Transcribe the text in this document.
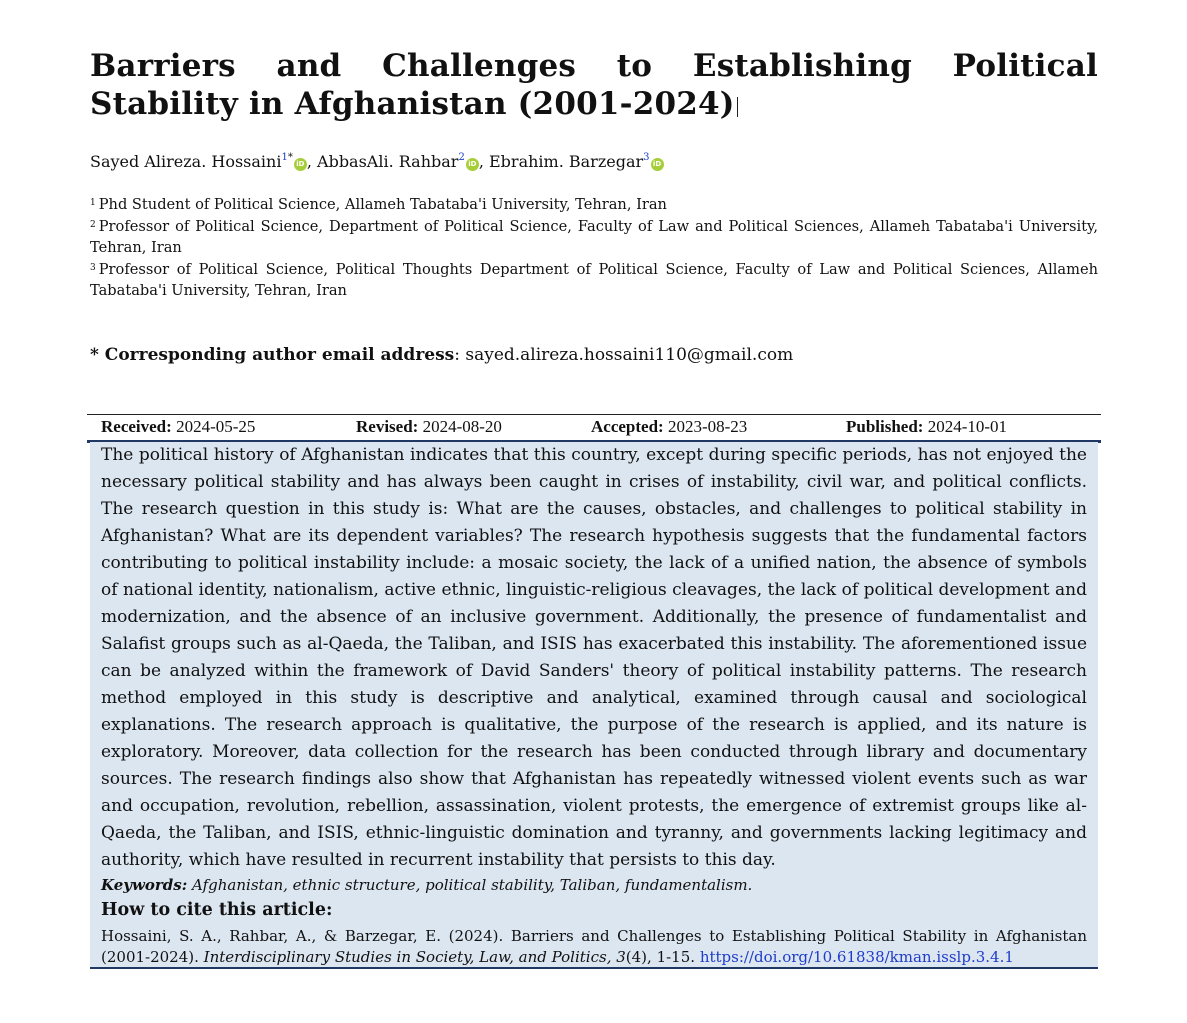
Barriers and Challenges to Establishing Political Stability in Afghanistan (2001-2024)
Sayed Alireza. Hossaini$^{1*}$iD , AbbasAli. Rahbar$^2$iD , Ebrahim. Barzegar$^3$iD
$^1$ Phd Student of Political Science, Allameh Tabataba'i University, Tehran, Iran
$^2$ Professor of Political Science, Department of Political Science, Faculty of Law and Political Sciences, Allameh Tabataba'i University, Tehran, Iran
$^3$ Professor of Political Science, Political Thoughts Department of Political Science, Faculty of Law and Political Sciences, Allameh Tabataba'i University, Tehran, Iran
* Corresponding author email address: sayed.alireza.hossaini110@gmail.com
Received: 2024-05-25	Revised: 2024-08-20	Accepted: 2023-08-23	Published: 2024-10-01

The political history of Afghanistan indicates that this country, except during specific periods, has not enjoyed the necessary political stability and has always been caught in crises of instability, civil war, and political conflicts. The research question in this study is: What are the causes, obstacles, and challenges to political stability in Afghanistan? What are its dependent variables? The research hypothesis suggests that the fundamental factors contributing to political instability include: a mosaic society, the lack of a unified nation, the absence of symbols of national identity, nationalism, active ethnic, linguistic-religious cleavages, the lack of political development and modernization, and the absence of an inclusive government. Additionally, the presence of fundamentalist and Salafist groups such as al-Qaeda, the Taliban, and ISIS has exacerbated this instability. The aforementioned issue can be analyzed within the framework of David Sanders' theory of political instability patterns. The research method employed in this study is descriptive and analytical, examined through causal and sociological explanations. The research approach is qualitative, the purpose of the research is applied, and its nature is exploratory. Moreover, data collection for the research has been conducted through library and documentary sources. The research findings also show that Afghanistan has repeatedly witnessed violent events such as war and occupation, revolution, rebellion, assassination, violent protests, the emergence of extremist groups like al-Qaeda, the Taliban, and ISIS, ethnic-linguistic domination and tyranny, and governments lacking legitimacy and authority, which have resulted in recurrent instability that persists to this day.

Keywords: Afghanistan, ethnic structure, political stability, Taliban, fundamentalism.
How to cite this article:
Hossaini, S. A., Rahbar, A., & Barzegar, E. (2024). Barriers and Challenges to Establishing Political Stability in Afghanistan (2001-2024). Interdisciplinary Studies in Society, Law, and Politics, 3(4), 1-15. https://doi.org/10.61838/kman.isslp.3.4.1
